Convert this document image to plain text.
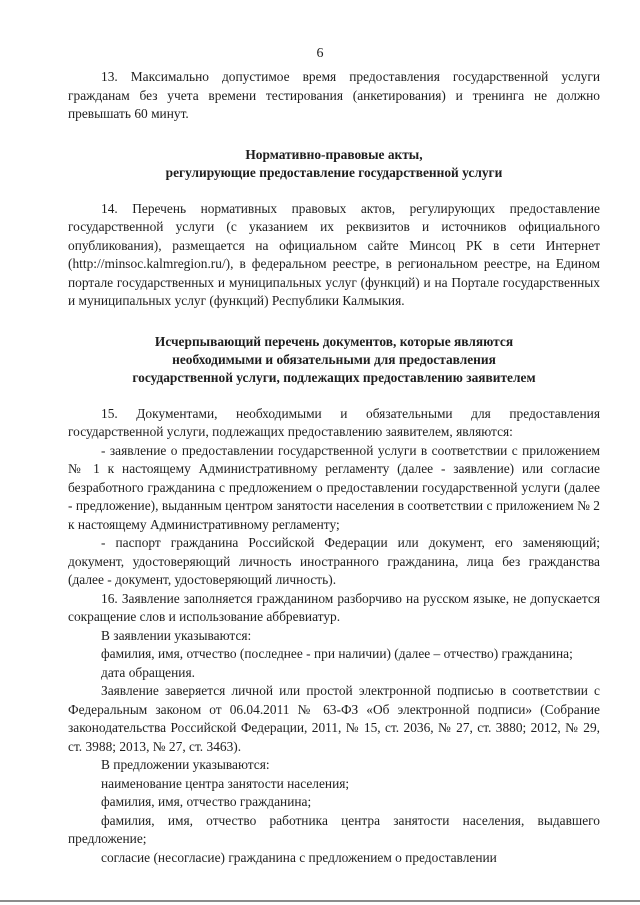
6

13. Максимально допустимое время предоставления государственной услуги гражданам без учета времени тестирования (анкетирования) и тренинга не должно превышать 60 минут.

Нормативно-правовые акты,
регулирующие предоставление государственной услуги

14. Перечень нормативных правовых актов, регулирующих предоставление государственной услуги (с указанием их реквизитов и источников официального опубликования), размещается на официальном сайте Минсоц РК в сети Интернет (http://minsoc.kalmregion.ru/), в федеральном реестре, в региональном реестре, на Едином портале государственных и муниципальных услуг (функций) и на Портале государственных и муниципальных услуг (функций) Республики Калмыкия.

Исчерпывающий перечень документов, которые являются
необходимыми и обязательными для предоставления
государственной услуги, подлежащих предоставлению заявителем

15. Документами, необходимыми и обязательными для предоставления государственной услуги, подлежащих предоставлению заявителем, являются:

- заявление о предоставлении государственной услуги в соответствии с приложением № 1 к настоящему Административному регламенту (далее - заявление) или согласие безработного гражданина с предложением о предоставлении государственной услуги (далее - предложение), выданным центром занятости населения в соответствии с приложением № 2 к настоящему Административному регламенту;

- паспорт гражданина Российской Федерации или документ, его заменяющий; документ, удостоверяющий личность иностранного гражданина, лица без гражданства (далее - документ, удостоверяющий личность).

16. Заявление заполняется гражданином разборчиво на русском языке, не допускается сокращение слов и использование аббревиатур.

В заявлении указываются:

фамилия, имя, отчество (последнее - при наличии) (далее – отчество) гражданина;

дата обращения.

Заявление заверяется личной или простой электронной подписью в соответствии с Федеральным законом от 06.04.2011 № 63-ФЗ «Об электронной подписи» (Собрание законодательства Российской Федерации, 2011, № 15, ст. 2036, № 27, ст. 3880; 2012, № 29, ст. 3988; 2013, № 27, ст. 3463).

В предложении указываются:

наименование центра занятости населения;

фамилия, имя, отчество гражданина;

фамилия, имя, отчество работника центра занятости населения, выдавшего предложение;

согласие (несогласие) гражданина с предложением о предоставлении
